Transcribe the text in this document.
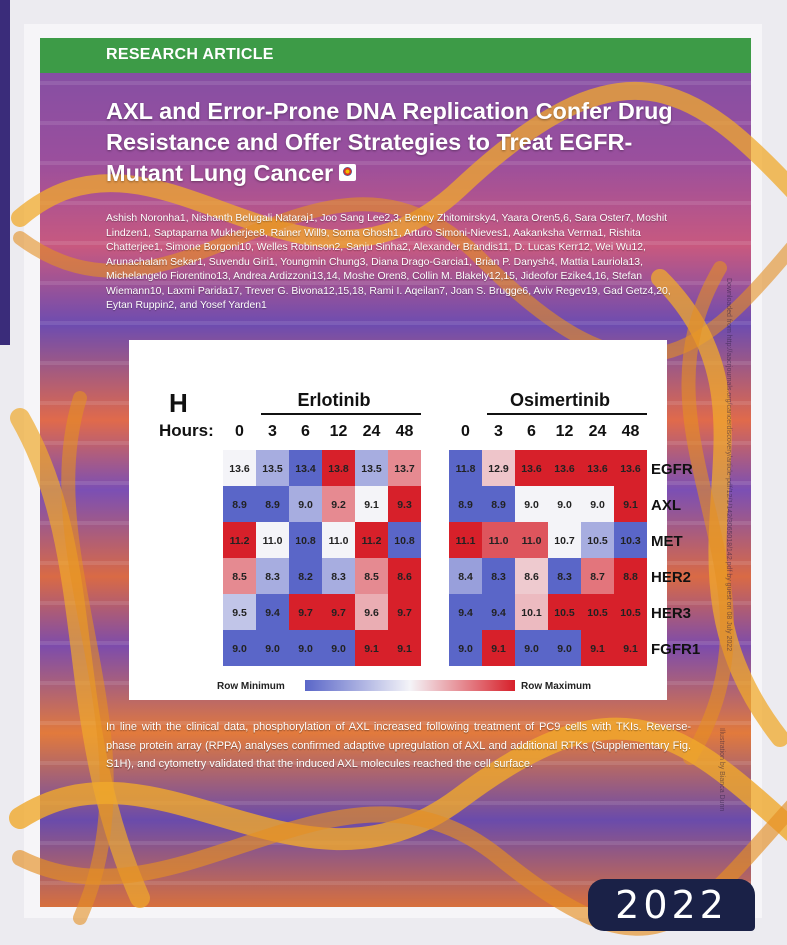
RESEARCH ARTICLE
AXL and Error-Prone DNA Replication Confer Drug Resistance and Offer Strategies to Treat EGFR-Mutant Lung Cancer
Ashish Noronha1, Nishanth Belugali Nataraj1, Joo Sang Lee2,3, Benny Zhitomirsky4, Yaara Oren5,6, Sara Oster7, Moshit Lindzen1, Saptaparna Mukherjee8, Rainer Will9, Soma Ghosh1, Arturo Simoni-Nieves1, Aakanksha Verma1, Rishita Chatterjee1, Simone Borgoni10, Welles Robinson2, Sanju Sinha2, Alexander Brandis11, D. Lucas Kerr12, Wei Wu12, Arunachalam Sekar1, Suvendu Giri1, Youngmin Chung3, Diana Drago-Garcia1, Brian P. Danysh4, Mattia Lauriola13, Michelangelo Fiorentino13, Andrea Ardizzoni13,14, Moshe Oren8, Collin M. Blakely12,15, Jideofor Ezike4,16, Stefan Wiemann10, Laxmi Parida17, Trever G. Bivona12,15,18, Rami I. Aqeilan7, Joan S. Brugge6, Aviv Regev19, Gad Getz4,20, Eytan Ruppin2, and Yosef Yarden1
H
Hours:
Erlotinib
0 3 6 12 24 48
13.6 13.5 13.4 13.8 13.5 13.7
8.9 8.9 9.0 9.2 9.1 9.3
11.2 11.0 10.8 11.0 11.2 10.8
8.5 8.3 8.2 8.3 8.5 8.6
9.5 9.4 9.7 9.7 9.6 9.7
9.0 9.0 9.0 9.0 9.1 9.1
Osimertinib
0 3 6 12 24 48
11.8 12.9 13.6 13.6 13.6 13.6
8.9 8.9 9.0 9.0 9.0 9.1
11.1 11.0 11.0 10.7 10.5 10.3
8.4 8.3 8.6 8.3 8.7 8.8
9.4 9.4 10.1 10.5 10.5 10.5
9.0 9.1 9.0 9.0 9.1 9.1
EGFR
AXL
MET
HER2
HER3
FGFR1
Row Minimum	Row Maximum
Downloaded from http://aacrjournals.org/cancerdiscovery/article-pdf/12/1/142/3065018/142.pdf by guest on 08 July 2022
Illustration by Bianca Dunn
In line with the clinical data, phosphorylation of AXL increased following treatment of PC9 cells with TKIs. Reverse-phase protein array (RPPA) analyses confirmed adaptive upregulation of AXL and additional RTKs (Supplementary Fig. S1H), and cytometry validated that the induced AXL molecules reached the cell surface.
2022
